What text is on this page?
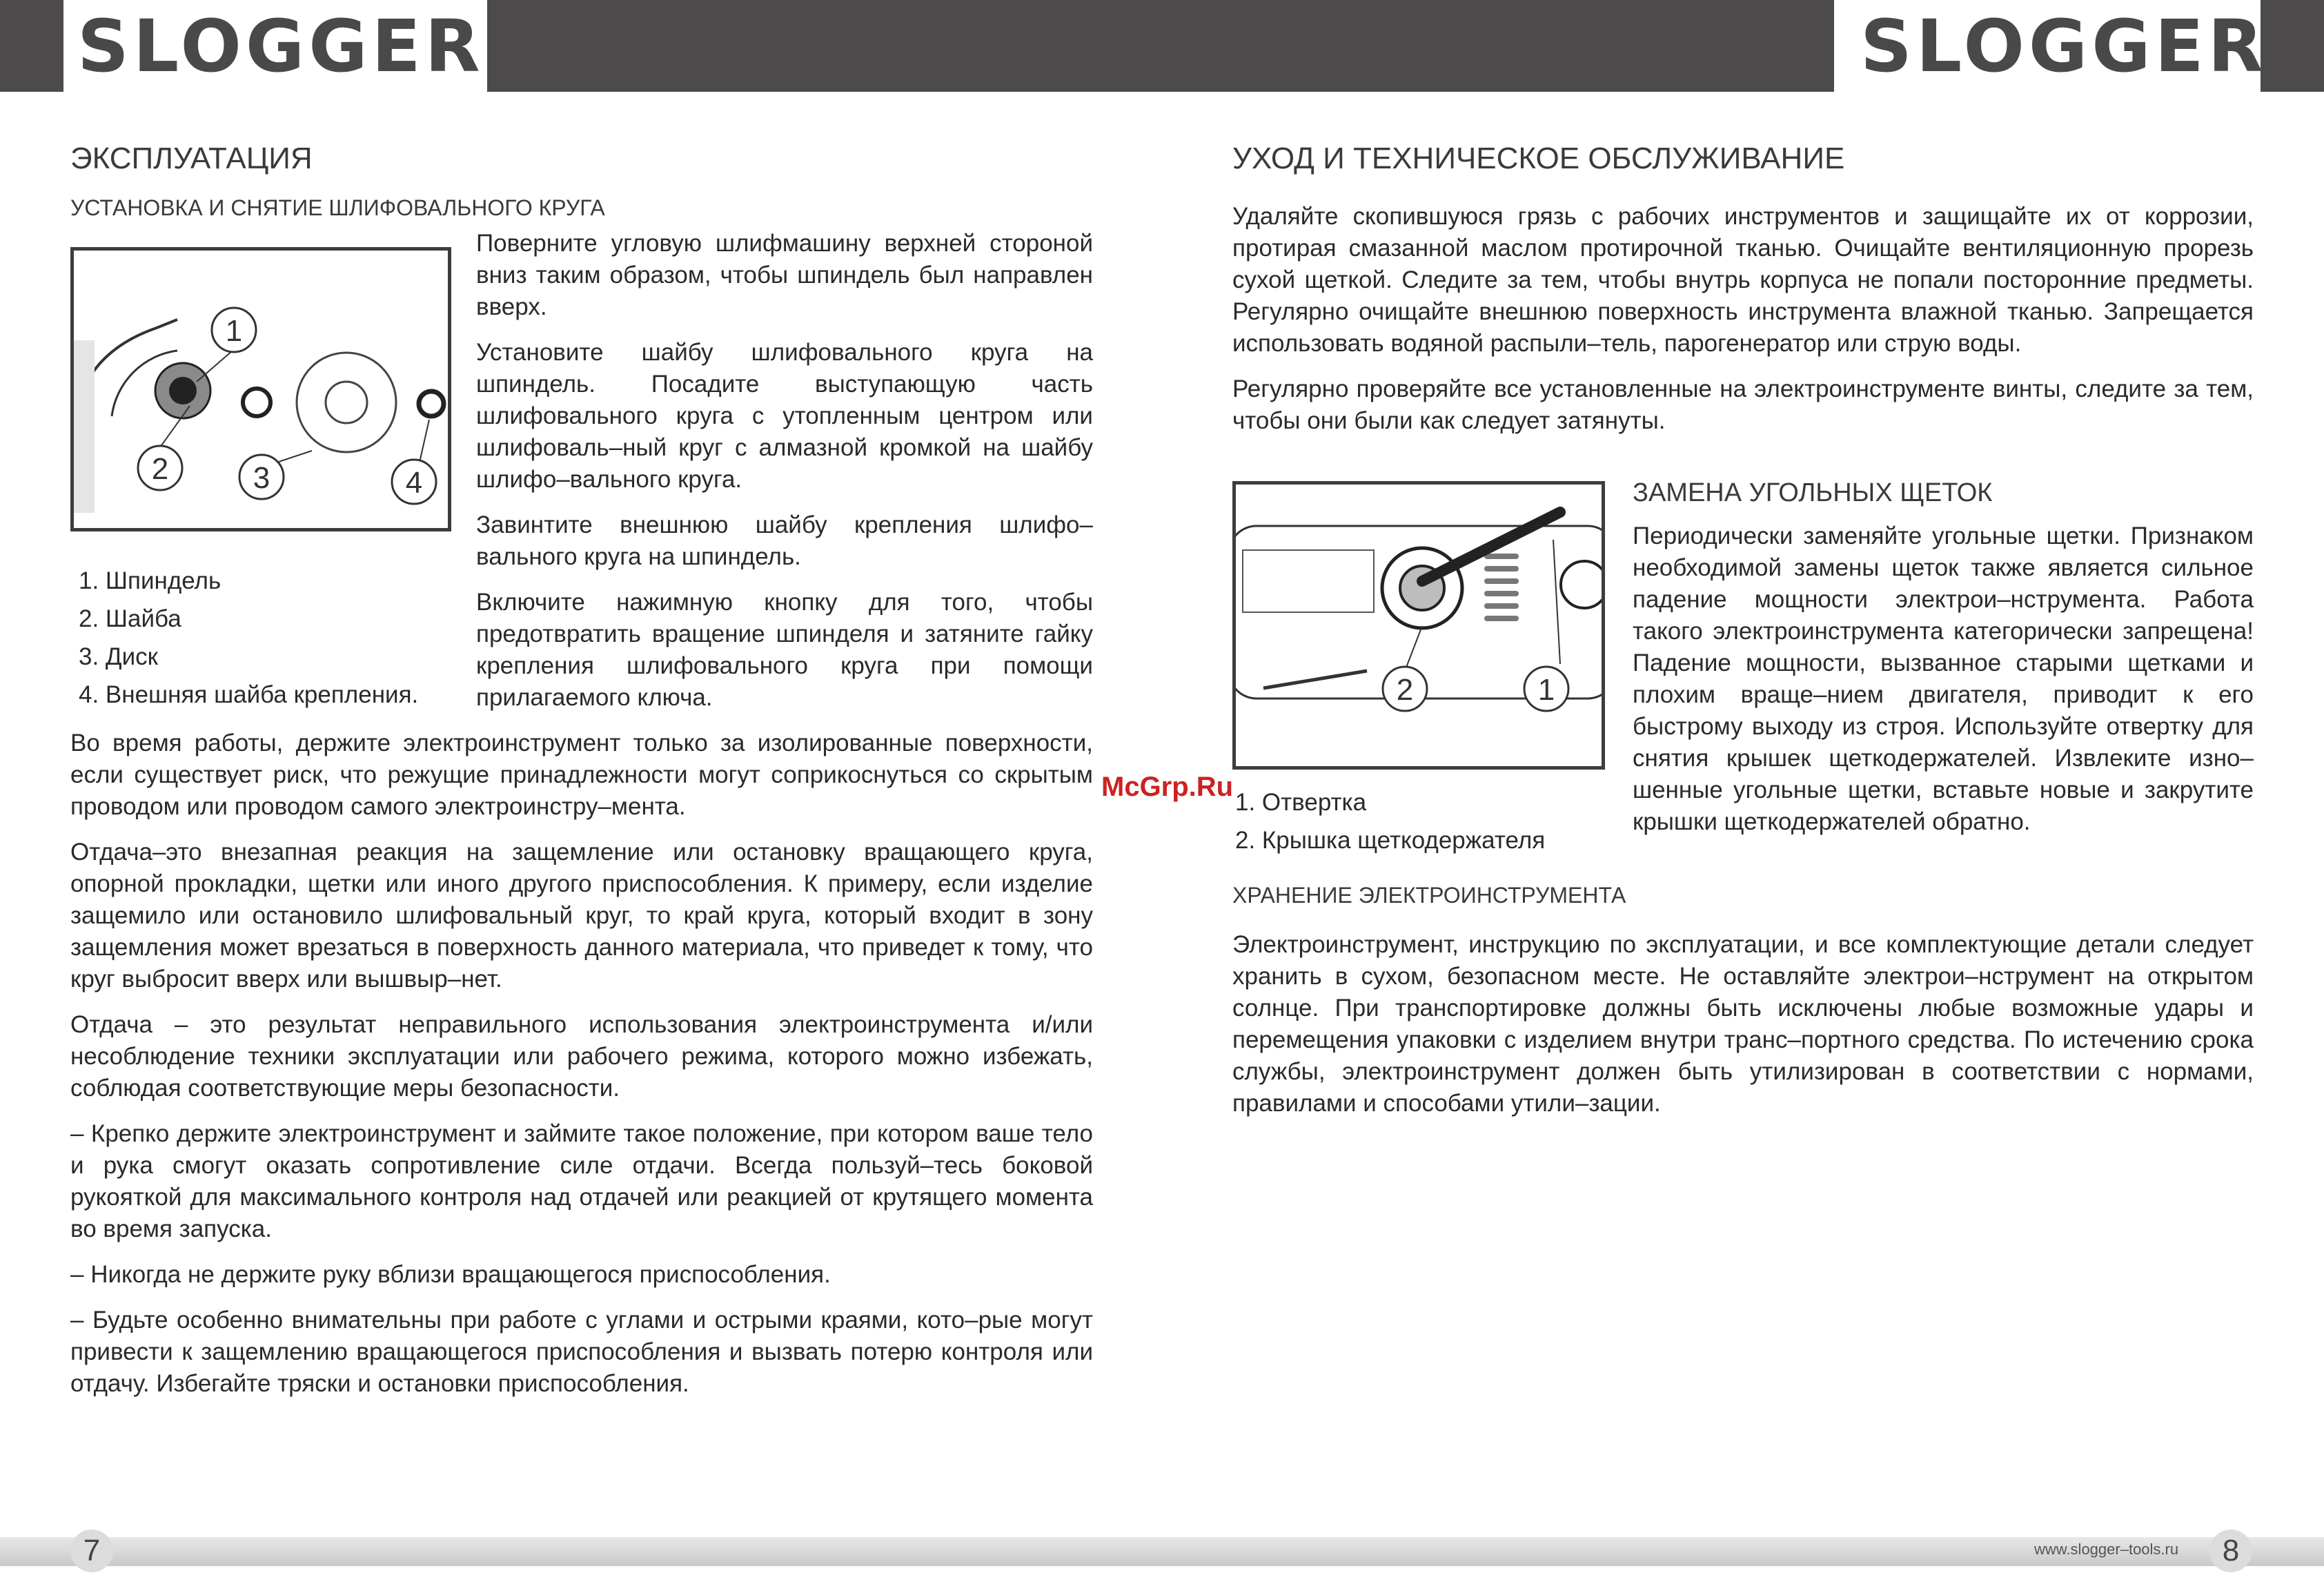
SLOGGER	SLOGGER
ЭКСПЛУАТАЦИЯ
УСТАНОВКА И СНЯТИЕ ШЛИФОВАЛЬНОГО КРУГА
1
2	3	4
1. Шпиндель
2. Шайба
3. Диск
4. Внешняя шайба крепления.

Поверните угловую шлифмашину верхней стороной вниз таким образом, чтобы шпиндель был направлен вверх.

Установите шайбу шлифовального круга на шпиндель. Посадите выступающую часть шлифовального круга с утопленным центром или шлифоваль–ный круг с алмазной кромкой на шайбу шлифо–вального круга.

Завинтите внешнюю шайбу крепления шлифо–вального круга на шпиндель.

Включите нажимную кнопку для того, чтобы предотвратить вращение шпинделя и затяните гайку крепления шлифовального круга при помощи прилагаемого ключа.

Во время работы, держите электроинструмент только за изолированные поверхности, если существует риск, что режущие принадлежности могут соприкоснуться со скрытым проводом или проводом самого электроинстру–мента.

Отдача–это внезапная реакция на защемление или остановку вращающего круга, опорной прокладки, щетки или иного другого приспособления. К примеру, если изделие защемило или остановило шлифовальный круг, то край круга, который входит в зону защемления может врезаться в поверхность данного материала, что приведет к тому, что круг выбросит вверх или вышвыр–нет.

Отдача – это результат неправильного использования электроинструмента и/или несоблюдение техники эксплуатации или рабочего режима, которого можно избежать, соблюдая соответствующие меры безопасности.

– Крепко держите электроинструмент и займите такое положение, при котором ваше тело и рука смогут оказать сопротивление силе отдачи. Всегда пользуй–тесь боковой рукояткой для максимального контроля над отдачей или реакцией от крутящего момента во время запуска.

– Никогда не держите руку вблизи вращающегося приспособления.

– Будьте особенно внимательны при работе с углами и острыми краями, кото–рые могут привести к защемлению вращающегося приспособления и вызвать потерю контроля или отдачу. Избегайте тряски и остановки приспособления.

УХОД И ТЕХНИЧЕСКОЕ ОБСЛУЖИВАНИЕ

Удаляйте скопившуюся грязь с рабочих инструментов и защищайте их от коррозии, протирая смазанной маслом протирочной тканью. Очищайте вентиляционную прорезь сухой щеткой. Следите за тем, чтобы внутрь корпуса не попали посторонние предметы. Регулярно очищайте внешнюю поверхность инструмента влажной тканью. Запрещается использовать водяной распыли–тель, парогенератор или струю воды.

Регулярно проверяйте все установленные на электроинструменте винты, следите за тем, чтобы они были как следует затянуты.

2	1
1. Отвертка
2. Крышка щеткодержателя
ЗАМЕНА УГОЛЬНЫХ ЩЕТОК

Периодически заменяйте угольные щетки. Признаком необходимой замены щеток также является сильное падение мощности электрои–нструмента. Работа такого электроинструмента категорически запрещена! Падение мощности, вызванное старыми щетками и плохим враще–нием двигателя, приводит к его быстрому выходу из строя. Используйте отвертку для снятия крышек щеткодержателей. Извлеките изно–шенные угольные щетки, вставьте новые и закрутите крышки щеткодержателей обратно.

ХРАНЕНИЕ ЭЛЕКТРОИНСТРУМЕНТА

Электроинструмент, инструкцию по эксплуатации, и все комплектующие детали следует хранить в сухом, безопасном месте. Не оставляйте электрои–нструмент на открытом солнце. При транспортировке должны быть исключены любые возможные удары и перемещения упаковки с изделием внутри транс–портного средства. По истечению срока службы, электроинструмент должен быть утилизирован в соответствии с нормами, правилами и способами утили–зации.

McGrp.Ru
7	www.slogger–tools.ru	8
